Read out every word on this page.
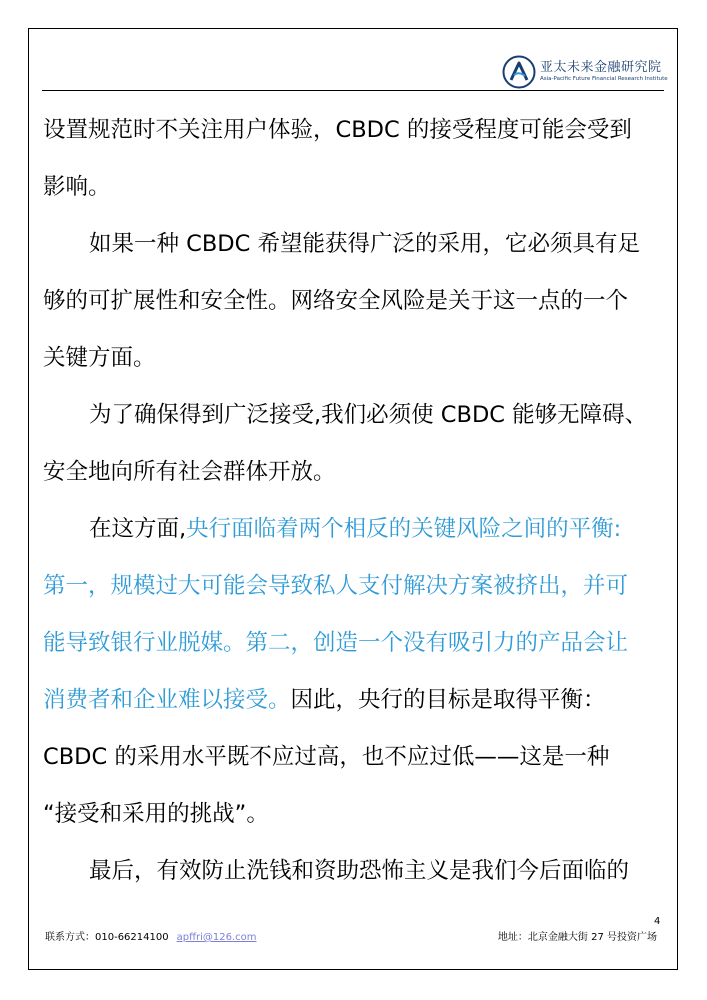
亚太未来金融研究院
Asia-Pacific Future Financial Research Institute
设置规范时不关注用户体验，CBDC 的接受程度可能会受到
影响。
如果一种 CBDC 希望能获得广泛的采用，它必须具有足
够的可扩展性和安全性。网络安全风险是关于这一点的一个
关键方面。
为了确保得到广泛接受,我们必须使 CBDC 能够无障碍、
安全地向所有社会群体开放。
在这方面,央行面临着两个相反的关键风险之间的平衡:
第一，规模过大可能会导致私人支付解决方案被挤出，并可
能导致银行业脱媒。第二，创造一个没有吸引力的产品会让
消费者和企业难以接受。因此，央行的目标是取得平衡：
CBDC 的采用水平既不应过高，也不应过低——这是一种
“接受和采用的挑战”。
最后，有效防止洗钱和资助恐怖主义是我们今后面临的
4
联系方式：010-66214100 apffri@126.com	地址：北京金融大街 27 号投资广场
